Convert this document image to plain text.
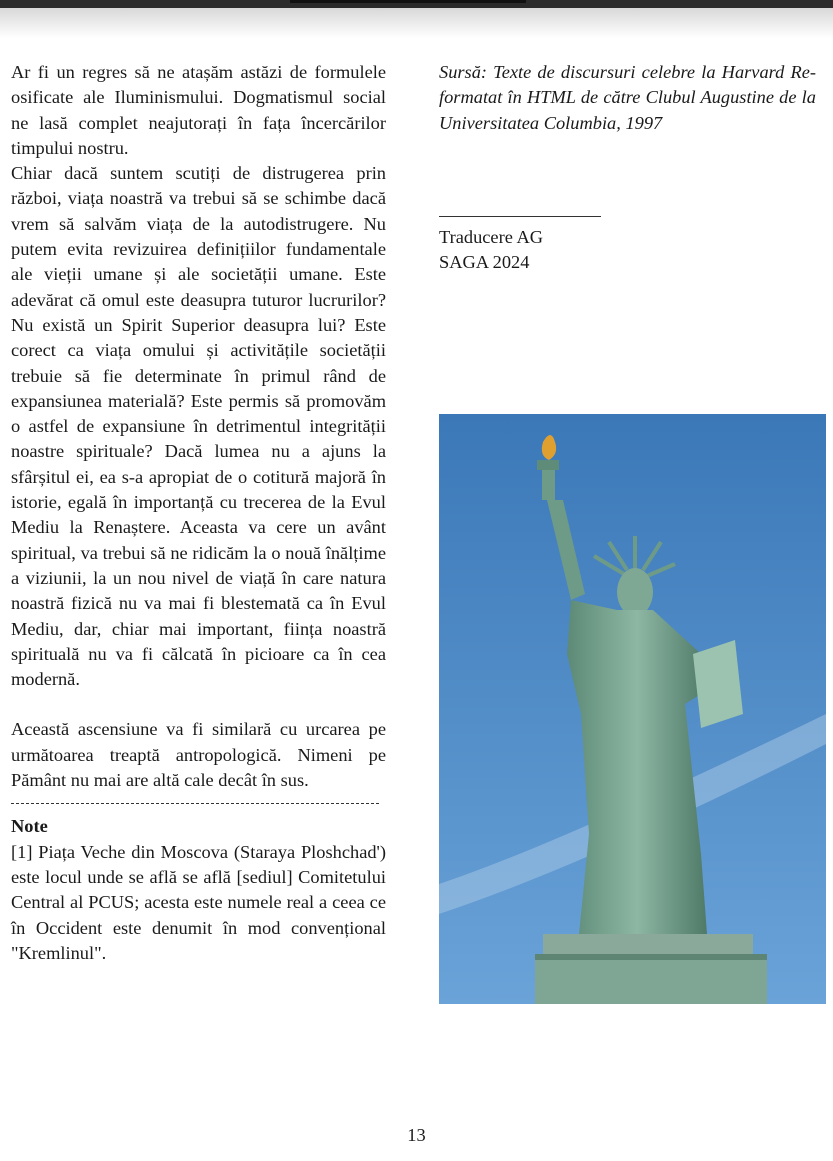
Ar fi un regres să ne atașăm astăzi de formulele osificate ale Iluminismului. Dogmatismul social ne lasă complet neajutorați în fața încercărilor timpului nostru.

Chiar dacă suntem scutiți de distrugerea prin război, viața noastră va trebui să se schimbe dacă vrem să salvăm viața de la autodistrugere. Nu putem evita revizuirea definițiilor fundamentale ale vieții umane și ale societății umane. Este adevărat că omul este deasupra tuturor lucrurilor? Nu există un Spirit Superior deasupra lui? Este corect ca viața omului și activitățile societății trebuie să fie determinate în primul rând de expansiunea materială? Este permis să promovăm o astfel de expansiune în detrimentul integrității noastre spirituale? Dacă lumea nu a ajuns la sfârșitul ei, ea s-a apropiat de o cotitură majoră în istorie, egală în importanță cu trecerea de la Evul Mediu la Renaștere. Aceasta va cere un avânt spiritual, va trebui să ne ridicăm la o nouă înălțime a viziunii, la un nou nivel de viață în care natura noastră fizică nu va mai fi blestemată ca în Evul Mediu, dar, chiar mai important, ființa noastră spirituală nu va fi călcată în picioare ca în cea modernă.

Această ascensiune va fi similară cu urcarea pe următoarea treaptă antropologică. Nimeni pe Pământ nu mai are altă cale decât în sus.

Note

[1] Piața Veche din Moscova (Staraya Ploshchad') este locul unde se află se află [sediul] Comitetului Central al PCUS; acesta este numele real a ceea ce în Occident este denumit în mod convențional "Kremlinul".

Sursă: Texte de discursuri celebre la Harvard Re-formatat în HTML de către Clubul Augustine de la Universitatea Columbia, 1997
Traducere AG
SAGA 2024
13
